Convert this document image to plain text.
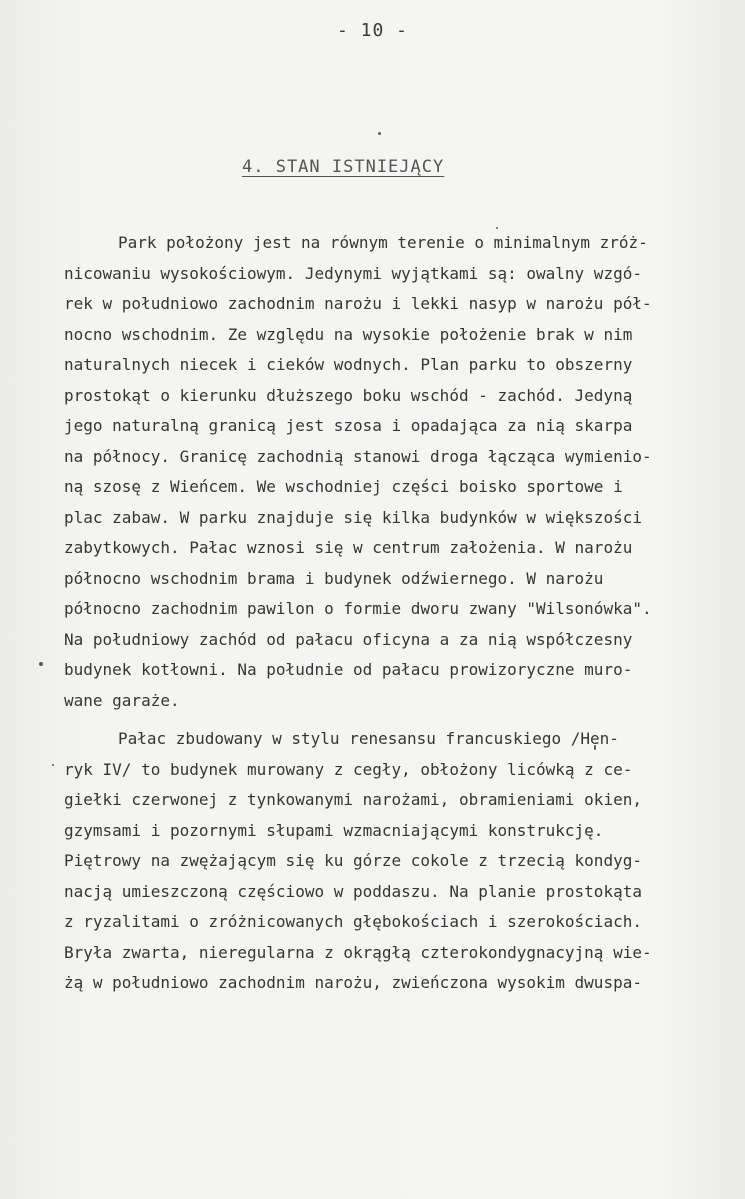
- 10 -
4. STAN ISTNIEJĄCY
Park położony jest na równym terenie o minimalnym zróż-
nicowaniu wysokościowym. Jedynymi wyjątkami są: owalny wzgó-
rek w południowo zachodnim narożu i lekki nasyp w narożu pół-
nocno wschodnim. Ze względu na wysokie położenie brak w nim
naturalnych niecek i cieków wodnych. Plan parku to obszerny
prostokąt o kierunku dłuższego boku wschód - zachód. Jedyną
jego naturalną granicą jest szosa i opadająca za nią skarpa
na północy. Granicę zachodnią stanowi droga łącząca wymienio-
ną szosę z Wieńcem. We wschodniej części boisko sportowe i
plac zabaw. W parku znajduje się kilka budynków w większości
zabytkowych. Pałac wznosi się w centrum założenia. W narożu
północno wschodnim brama i budynek odźwiernego. W narożu
północno zachodnim pawilon o formie dworu zwany "Wilsonówka".
Na południowy zachód od pałacu oficyna a za nią współczesny
budynek kotłowni. Na południe od pałacu prowizoryczne muro-
wane garaże.
Pałac zbudowany w stylu renesansu francuskiego /Hen-
ryk IV/ to budynek murowany z cegły, obłożony licówką z ce-
giełki czerwonej z tynkowanymi narożami, obramieniami okien,
gzymsami i pozornymi słupami wzmacniającymi konstrukcję.
Piętrowy na zwężającym się ku górze cokole z trzecią kondyg-
nacją umieszczoną częściowo w poddaszu. Na planie prostokąta
z ryzalitami o zróżnicowanych głębokościach i szerokościach.
Bryła zwarta, nieregularna z okrągłą czterokondygnacyjną wie-
żą w południowo zachodnim narożu, zwieńczona wysokim dwuspa-
